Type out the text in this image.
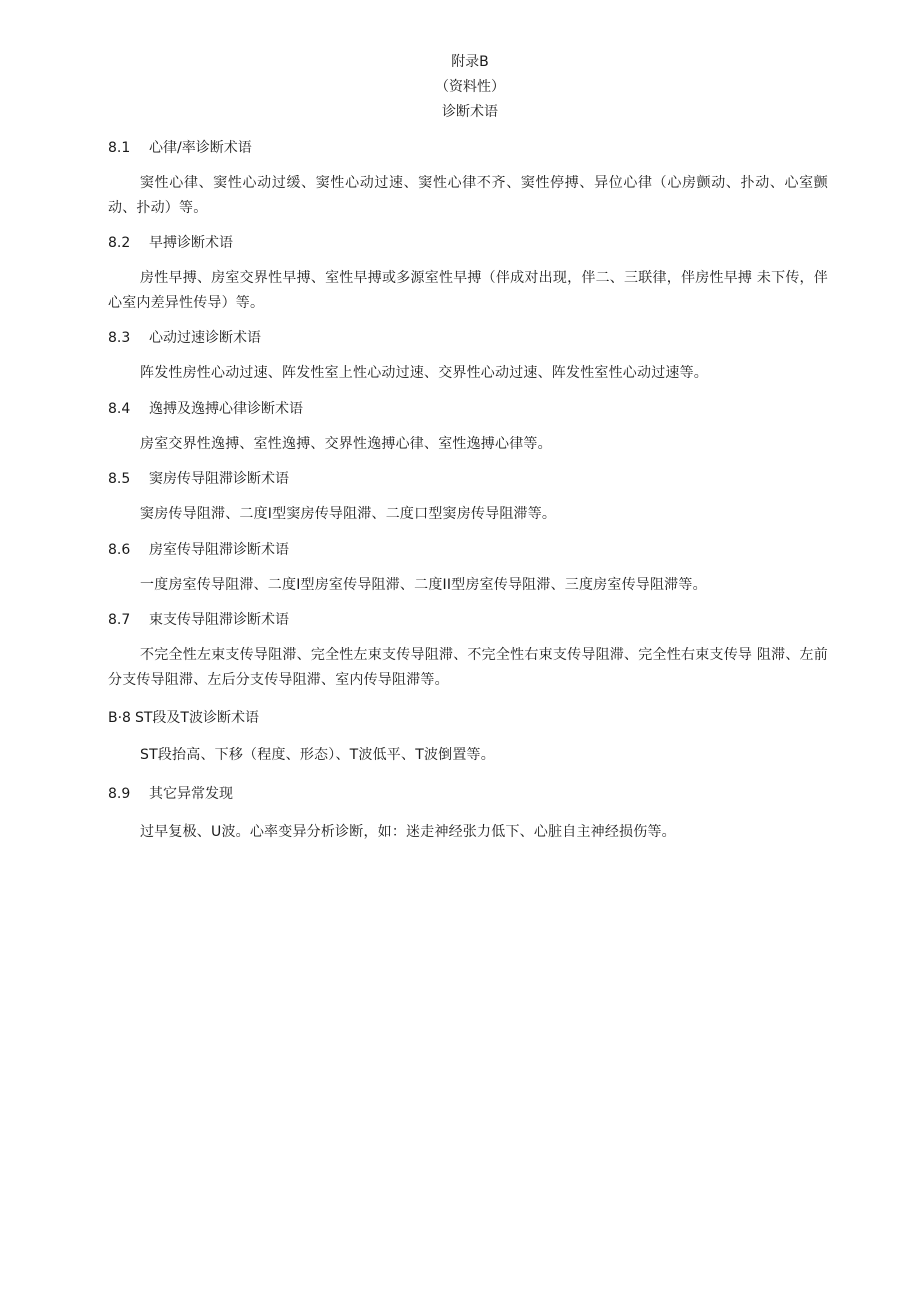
附录B
（资料性）
诊断术语
8.1 心律/率诊断术语
窦性心律、窦性心动过缓、窦性心动过速、窦性心律不齐、窦性停搏、异位心律（心房颤动、扑动、心室颤动、扑动）等。
8.2 早搏诊断术语
房性早搏、房室交界性早搏、室性早搏或多源室性早搏（伴成对出现，伴二、三联律，伴房性早搏 未下传，伴心室内差异性传导）等。
8.3 心动过速诊断术语
阵发性房性心动过速、阵发性室上性心动过速、交界性心动过速、阵发性室性心动过速等。
8.4 逸搏及逸搏心律诊断术语
房室交界性逸搏、室性逸搏、交界性逸搏心律、室性逸搏心律等。
8.5 窦房传导阻滞诊断术语
窦房传导阻滞、二度I型窦房传导阻滞、二度口型窦房传导阻滞等。
8.6 房室传导阻滞诊断术语
一度房室传导阻滞、二度I型房室传导阻滞、二度II型房室传导阻滞、三度房室传导阻滞等。
8.7 束支传导阻滞诊断术语
不完全性左束支传导阻滞、完全性左束支传导阻滞、不完全性右束支传导阻滞、完全性右束支传导 阻滞、左前分支传导阻滞、左后分支传导阻滞、室内传导阻滞等。
B·8 ST段及T波诊断术语
ST段抬高、下移（程度、形态）、T波低平、T波倒置等。
8.9 其它异常发现
过早复极、U波。心率变异分析诊断，如：迷走神经张力低下、心脏自主神经损伤等。
